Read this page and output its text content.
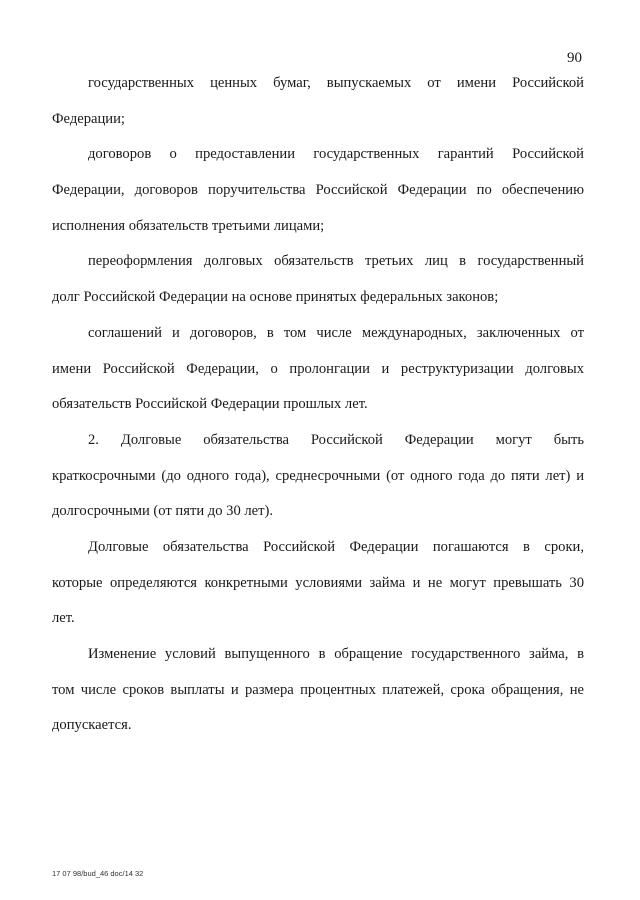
90
государственных ценных бумаг, выпускаемых от имени Российской
Федерации;
договоров о предоставлении государственных гарантий Российской
Федерации, договоров поручительства Российской Федерации по обеспечению
исполнения обязательств третьими лицами;
переоформления долговых обязательств третьих лиц в государственный
долг Российской Федерации на основе принятых федеральных законов;
соглашений и договоров, в том числе международных, заключенных от
имени Российской Федерации, о пролонгации и реструктуризации долговых
обязательств Российской Федерации прошлых лет.
2. Долговые обязательства Российской Федерации могут быть
краткосрочными (до одного года), среднесрочными (от одного года до пяти лет) и
долгосрочными (от пяти до 30 лет).
Долговые обязательства Российской Федерации погашаются в сроки,
которые определяются конкретными условиями займа и не могут превышать 30
лет.
Изменение условий выпущенного в обращение государственного займа, в
том числе сроков выплаты и размера процентных платежей, срока обращения, не
допускается.
17 07 98/bud_46 doc/14 32
